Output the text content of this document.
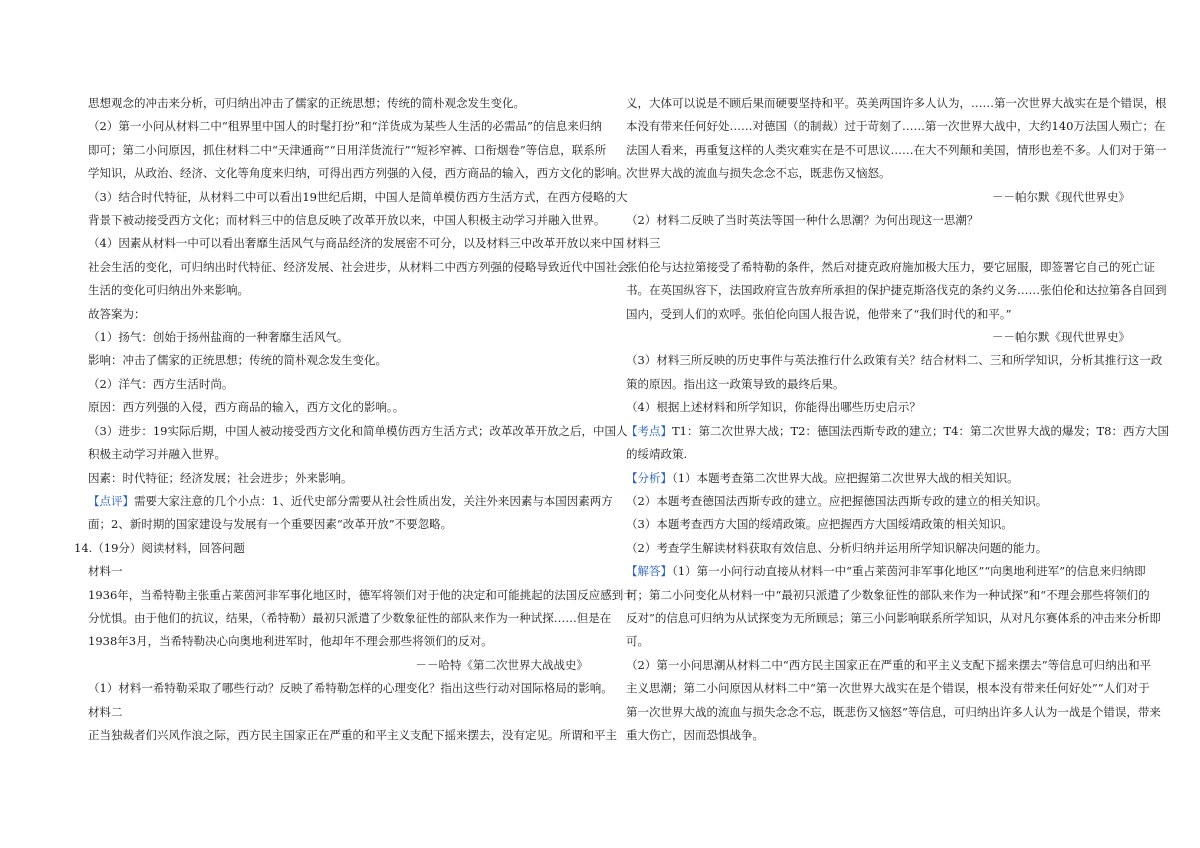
思想观念的冲击来分析，可归纳出冲击了儒家的正统思想；传统的简朴观念发生变化。
（2）第一小问从材料二中“租界里中国人的时髦打扮”和“洋货成为某些人生活的必需品”的信息来归纳
即可；第二小问原因，抓住材料二中“天津通商”“日用洋货流行”“短衫窄裤、口衔烟卷”等信息，联系所
学知识，从政治、经济、文化等角度来归纳，可得出西方列强的入侵，西方商品的输入，西方文化的影响。
（3）结合时代特征，从材料二中可以看出19世纪后期，中国人是简单模仿西方生活方式，在西方侵略的大
背景下被动接受西方文化；而材料三中的信息反映了改革开放以来，中国人积极主动学习并融入世界。
（4）因素从材料一中可以看出奢靡生活风气与商品经济的发展密不可分，以及材料三中改革开放以来中国
社会生活的变化，可归纳出时代特征、经济发展、社会进步，从材料二中西方列强的侵略导致近代中国社会
生活的变化可归纳出外来影响。
故答案为：
（1）扬气：创始于扬州盐商的一种奢靡生活风气。
影响：冲击了儒家的正统思想；传统的简朴观念发生变化。
（2）洋气：西方生活时尚。
原因：西方列强的入侵，西方商品的输入，西方文化的影响。。
（3）进步：19实际后期，中国人被动接受西方文化和简单模仿西方生活方式；改革改革开放之后，中国人
积极主动学习并融入世界。
因素：时代特征；经济发展；社会进步；外来影响。
【点评】需要大家注意的几个小点：1、近代史部分需要从社会性质出发，关注外来因素与本国因素两方
面；2、新时期的国家建设与发展有一个重要因素“改革开放”不要忽略。
14.（19分）阅读材料，回答问题
材料一
1936年，当希特勒主张重占莱茵河非军事化地区时，德军将领们对于他的决定和可能挑起的法国反应感到十
分忧惧。由于他们的抗议，结果，（希特勒）最初只派遣了少数象征性的部队来作为一种试探……但是在
1938年3月，当希特勒决心向奥地利进军时，他却年不理会那些将领们的反对。
－－哈特《第二次世界大战战史》
（1）材料一希特勒采取了哪些行动？反映了希特勒怎样的心理变化？指出这些行动对国际格局的影响。
材料二
正当独裁者们兴风作浪之际，西方民主国家正在严重的和平主义支配下摇来摆去，没有定见。所谓和平主
义，大体可以说是不顾后果而硬要坚持和平。英美两国许多人认为，……第一次世界大战实在是个错误，根
本没有带来任何好处……对德国（的制裁）过于苛刻了……第一次世界大战中，大约140万法国人殒亡；在
法国人看来，再重复这样的人类灾难实在是不可思议……在大不列颠和美国，情形也差不多。人们对于第一
次世界大战的流血与损失念念不忘，既悲伤又恼怒。
－－帕尔默《现代世界史》
（2）材料二反映了当时英法等国一种什么思潮？为何出现这一思潮？
材料三
张伯伦与达拉第接受了希特勒的条件，然后对捷克政府施加极大压力，要它屈服，即签署它自己的死亡证
书。在英国纵容下，法国政府宣告放弃所承担的保护捷克斯洛伐克的条约义务……张伯伦和达拉第各自回到
国内，受到人们的欢呼。张伯伦向国人报告说，他带来了“我们时代的和平。”
－－帕尔默《现代世界史》
（3）材料三所反映的历史事件与英法推行什么政策有关？结合材料二、三和所学知识，分析其推行这一政
策的原因。指出这一政策导致的最终后果。
（4）根据上述材料和所学知识，你能得出哪些历史启示？
【考点】T1：第二次世界大战；T2：德国法西斯专政的建立；T4：第二次世界大战的爆发；T8：西方大国
的绥靖政策.
【分析】（1）本题考查第二次世界大战。应把握第二次世界大战的相关知识。
（2）本题考查德国法西斯专政的建立。应把握德国法西斯专政的建立的相关知识。
（3）本题考查西方大国的绥靖政策。应把握西方大国绥靖政策的相关知识。
（2）考查学生解读材料获取有效信息、分析归纳并运用所学知识解决问题的能力。
【解答】（1）第一小问行动直接从材料一中“重占莱茵河非军事化地区”“向奥地利进军”的信息来归纳即
可；第二小问变化从材料一中“最初只派遣了少数象征性的部队来作为一种试探”和“不理会那些将领们的
反对”的信息可归纳为从试探变为无所顾忌；第三小问影响联系所学知识，从对凡尔赛体系的冲击来分析即
可。
（2）第一小问思潮从材料二中“西方民主国家正在严重的和平主义支配下摇来摆去”等信息可归纳出和平
主义思潮；第二小问原因从材料二中“第一次世界大战实在是个错误，根本没有带来任何好处”“人们对于
第一次世界大战的流血与损失念念不忘，既悲伤又恼怒”等信息，可归纳出许多人认为一战是个错误，带来
重大伤亡，因而恐惧战争。
